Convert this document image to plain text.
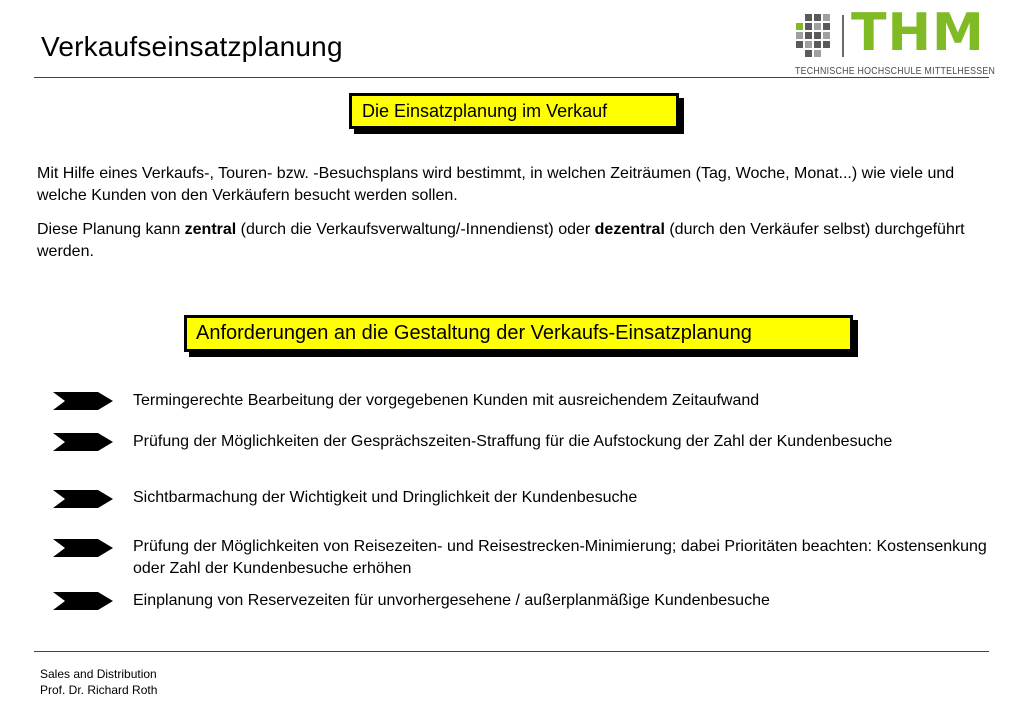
Verkaufseinsatzplanung	THM
TECHNISCHE HOCHSCHULE MITTELHESSEN
Die Einsatzplanung im Verkauf
Mit Hilfe eines Verkaufs-, Touren- bzw. -Besuchsplans wird bestimmt, in welchen Zeiträumen (Tag, Woche, Monat...) wie viele und welche Kunden von den Verkäufern besucht werden sollen.
Diese Planung kann zentral (durch die Verkaufsverwaltung/-Innendienst) oder dezentral (durch den Verkäufer selbst) durchgeführt werden.
Anforderungen an die Gestaltung der Verkaufs-Einsatzplanung
Termingerechte Bearbeitung der vorgegebenen Kunden mit ausreichendem Zeitaufwand
Prüfung der Möglichkeiten der Gesprächszeiten-Straffung für die Aufstockung der Zahl der Kundenbesuche
Sichtbarmachung der Wichtigkeit und Dringlichkeit der Kundenbesuche
Prüfung der Möglichkeiten von Reisezeiten- und Reisestrecken-Minimierung; dabei Prioritäten beachten: Kostensenkung oder Zahl der Kundenbesuche erhöhen
Einplanung von Reservezeiten für unvorhergesehene / außerplanmäßige Kundenbesuche
Sales and Distribution
Prof. Dr. Richard Roth
